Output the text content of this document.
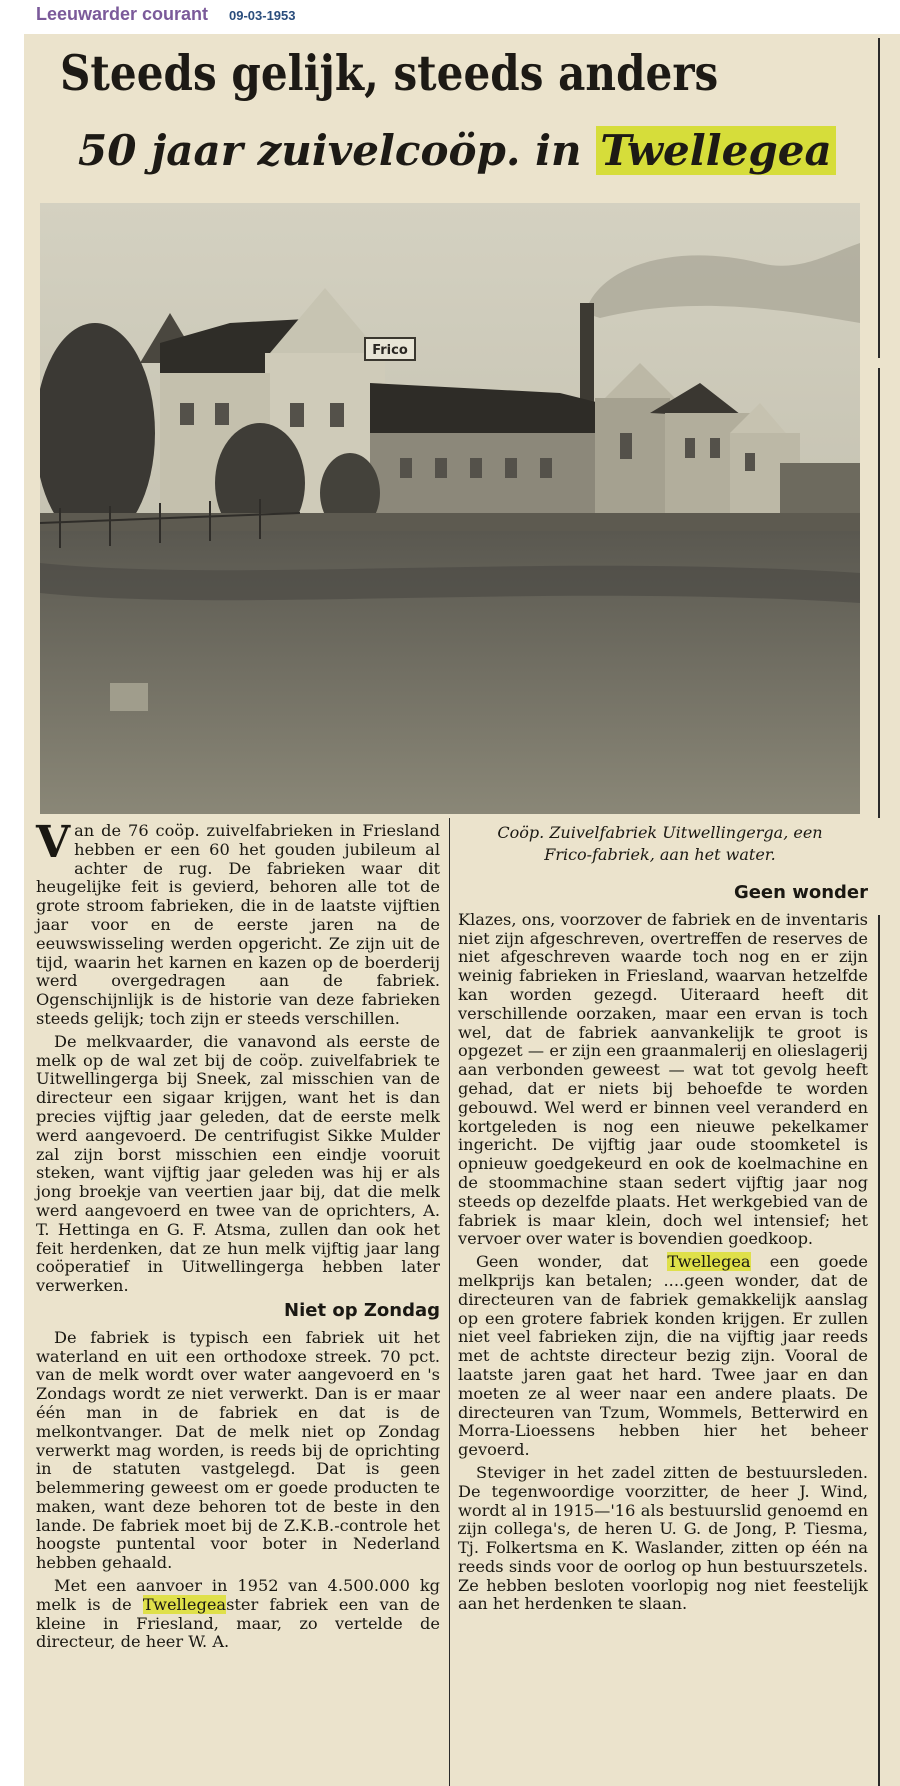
Leeuwarder courant 09-03-1953
Steeds gelijk, steeds anders
50 jaar zuivelcoöp. in Twellegea
Frico
Coöp. Zuivelfabriek Uitwellingerga, een
Frico-fabriek, aan het water.

Van de 76 coöp. zuivelfabrieken in Friesland hebben er een 60 het gouden jubileum al achter de rug. De fabrieken waar dit heugelijke feit is gevierd, behoren alle tot de grote stroom fabrieken, die in de laatste vijftien jaar voor en de eerste jaren na de eeuwswisseling werden opgericht. Ze zijn uit de tijd, waarin het karnen en kazen op de boerderij werd overgedragen aan de fabriek. Ogenschijnlijk is de historie van deze fabrieken steeds gelijk; toch zijn er steeds verschillen.

De melkvaarder, die vanavond als eerste de melk op de wal zet bij de coöp. zuivelfabriek te Uitwellingerga bij Sneek, zal misschien van de directeur een sigaar krijgen, want het is dan precies vijftig jaar geleden, dat de eerste melk werd aangevoerd. De centrifugist Sikke Mulder zal zijn borst misschien een eindje vooruit steken, want vijftig jaar geleden was hij er als jong broekje van veertien jaar bij, dat die melk werd aangevoerd en twee van de oprichters, A. T. Hettinga en G. F. Atsma, zullen dan ook het feit herdenken, dat ze hun melk vijftig jaar lang coöperatief in Uitwellingerga hebben later verwerken.

Niet op Zondag

De fabriek is typisch een fabriek uit het waterland en uit een orthodoxe streek. 70 pct. van de melk wordt over water aangevoerd en 's Zondags wordt ze niet verwerkt. Dan is er maar één man in de fabriek en dat is de melkontvanger. Dat de melk niet op Zondag verwerkt mag worden, is reeds bij de oprichting in de statuten vastgelegd. Dat is geen belemmering geweest om er goede producten te maken, want deze behoren tot de beste in den lande. De fabriek moet bij de Z.K.B.-controle het hoogste puntental voor boter in Nederland hebben gehaald.

Met een aanvoer in 1952 van 4.500.000 kg melk is de Twellegeaster fabriek een van de kleine in Friesland, maar, zo vertelde de directeur, de heer W. A.

Geen wonder

Klazes, ons, voorzover de fabriek en de inventaris niet zijn afgeschreven, overtreffen de reserves de niet afgeschreven waarde toch nog en er zijn weinig fabrieken in Friesland, waarvan hetzelfde kan worden gezegd. Uiteraard heeft dit verschillende oorzaken, maar een ervan is toch wel, dat de fabriek aanvankelijk te groot is opgezet — er zijn een graanmalerij en olieslagerij aan verbonden geweest — wat tot gevolg heeft gehad, dat er niets bij behoefde te worden gebouwd. Wel werd er binnen veel veranderd en kortgeleden is nog een nieuwe pekelkamer ingericht. De vijftig jaar oude stoomketel is opnieuw goedgekeurd en ook de koelmachine en de stoommachine staan sedert vijftig jaar nog steeds op dezelfde plaats. Het werkgebied van de fabriek is maar klein, doch wel intensief; het vervoer over water is bovendien goedkoop.

Geen wonder, dat Twellegea een goede melkprijs kan betalen; ....geen wonder, dat de directeuren van de fabriek gemakkelijk aanslag op een grotere fabriek konden krijgen. Er zullen niet veel fabrieken zijn, die na vijftig jaar reeds met de achtste directeur bezig zijn. Vooral de laatste jaren gaat het hard. Twee jaar en dan moeten ze al weer naar een andere plaats. De directeuren van Tzum, Wommels, Betterwird en Morra-Lioessens hebben hier het beheer gevoerd.

Steviger in het zadel zitten de bestuursleden. De tegenwoordige voorzitter, de heer J. Wind, wordt al in 1915—'16 als bestuurslid genoemd en zijn collega's, de heren U. G. de Jong, P. Tiesma, Tj. Folkertsma en K. Waslander, zitten op één na reeds sinds voor de oorlog op hun bestuurszetels. Ze hebben besloten voorlopig nog niet feestelijk aan het herdenken te slaan.
